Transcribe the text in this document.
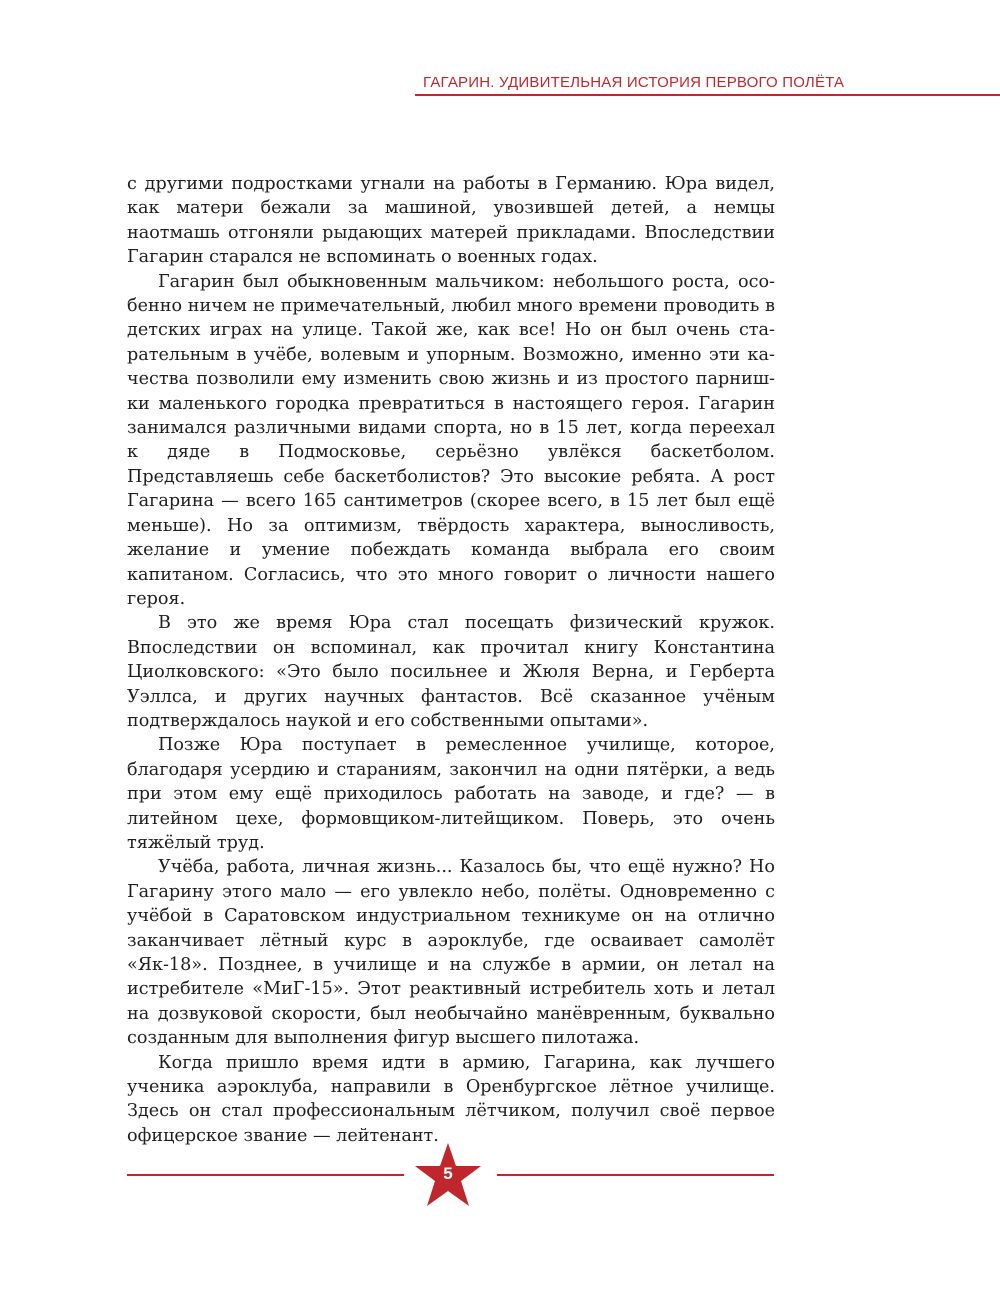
ГАГАРИН. УДИВИТЕЛЬНАЯ ИСТОРИЯ ПЕРВОГО ПОЛЁТА

с другими подростками угнали на работы в Германию. Юра видел, как матери бежали за машиной, увозившей детей, а немцы наотмашь отгоняли рыдающих матерей прикладами. Впоследствии Гагарин старался не вспоминать о военных годах.

Гагарин был обыкновенным мальчиком: небольшого роста, особенно ничем не примечательный, любил много времени проводить в детских играх на улице. Такой же, как все! Но он был очень старательным в учёбе, волевым и упорным. Возможно, именно эти качества позволили ему изменить свою жизнь и из простого парнишки маленького городка превратиться в настоящего героя. Гагарин занимался различными видами спорта, но в 15 лет, когда переехал к дяде в Подмосковье, серьёзно увлёкся баскетболом. Представляешь себе баскетболистов? Это высокие ребята. А рост Гагарина — всего 165 сантиметров (скорее всего, в 15 лет был ещё меньше). Но за оптимизм, твёрдость характера, выносливость, желание и умение побеждать команда выбрала его своим капитаном. Согласись, что это много говорит о личности нашего героя.

В это же время Юра стал посещать физический кружок. Впоследствии он вспоминал, как прочитал книгу Константина Циолковского: «Это было посильнее и Жюля Верна, и Герберта Уэллса, и других научных фантастов. Всё сказанное учёным подтверждалось наукой и его собственными опытами».

Позже Юра поступает в ремесленное училище, которое, благодаря усердию и стараниям, закончил на одни пятёрки, а ведь при этом ему ещё приходилось работать на заводе, и где? — в литейном цехе, формовщиком-литейщиком. Поверь, это очень тяжёлый труд.

Учёба, работа, личная жизнь... Казалось бы, что ещё нужно? Но Гагарину этого мало — его увлекло небо, полёты. Одновременно с учёбой в Саратовском индустриальном техникуме он на отлично заканчивает лётный курс в аэроклубе, где осваивает самолёт «Як-18». Позднее, в училище и на службе в армии, он летал на истребителе «МиГ-15». Этот реактивный истребитель хоть и летал на дозвуковой скорости, был необычайно манёвренным, буквально созданным для выполнения фигур высшего пилотажа.

Когда пришло время идти в армию, Гагарина, как лучшего ученика аэроклуба, направили в Оренбургское лётное училище. Здесь он стал профессиональным лётчиком, получил своё первое офицерское звание — лейтенант.

5
